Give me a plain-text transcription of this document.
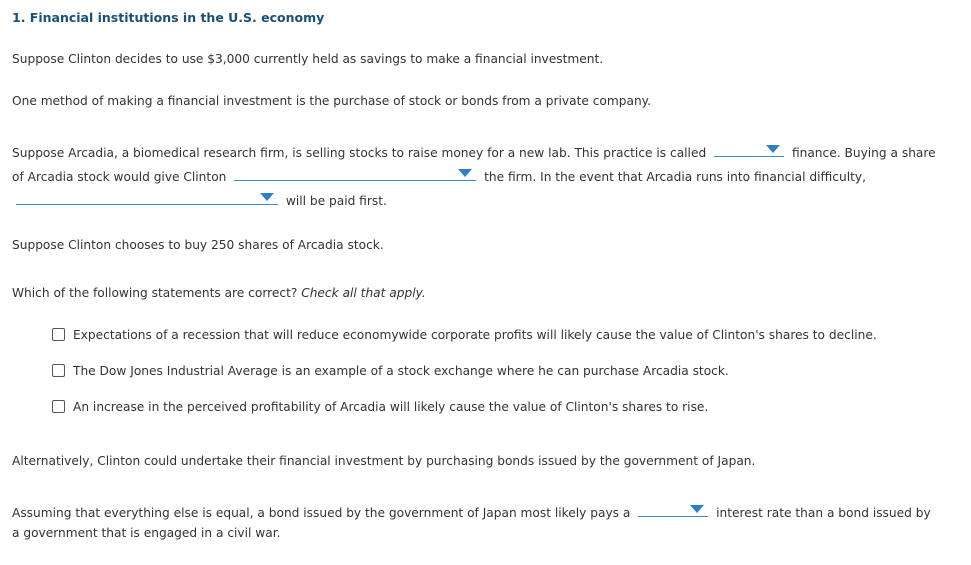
1. Financial institutions in the U.S. economy
Suppose Clinton decides to use $3,000 currently held as savings to make a financial investment.
One method of making a financial investment is the purchase of stock or bonds from a private company.
Suppose Arcadia, a biomedical research firm, is selling stocks to raise money for a new lab. This practice is called	finance. Buying a share
of Arcadia stock would give Clinton	the firm. In the event that Arcadia runs into financial difficulty,
will be paid first.
Suppose Clinton chooses to buy 250 shares of Arcadia stock.
Which of the following statements are correct? Check all that apply.
Expectations of a recession that will reduce economywide corporate profits will likely cause the value of Clinton's shares to decline.
The Dow Jones Industrial Average is an example of a stock exchange where he can purchase Arcadia stock.
An increase in the perceived profitability of Arcadia will likely cause the value of Clinton's shares to rise.
Alternatively, Clinton could undertake their financial investment by purchasing bonds issued by the government of Japan.
Assuming that everything else is equal, a bond issued by the government of Japan most likely pays a	interest rate than a bond issued by
a government that is engaged in a civil war.
